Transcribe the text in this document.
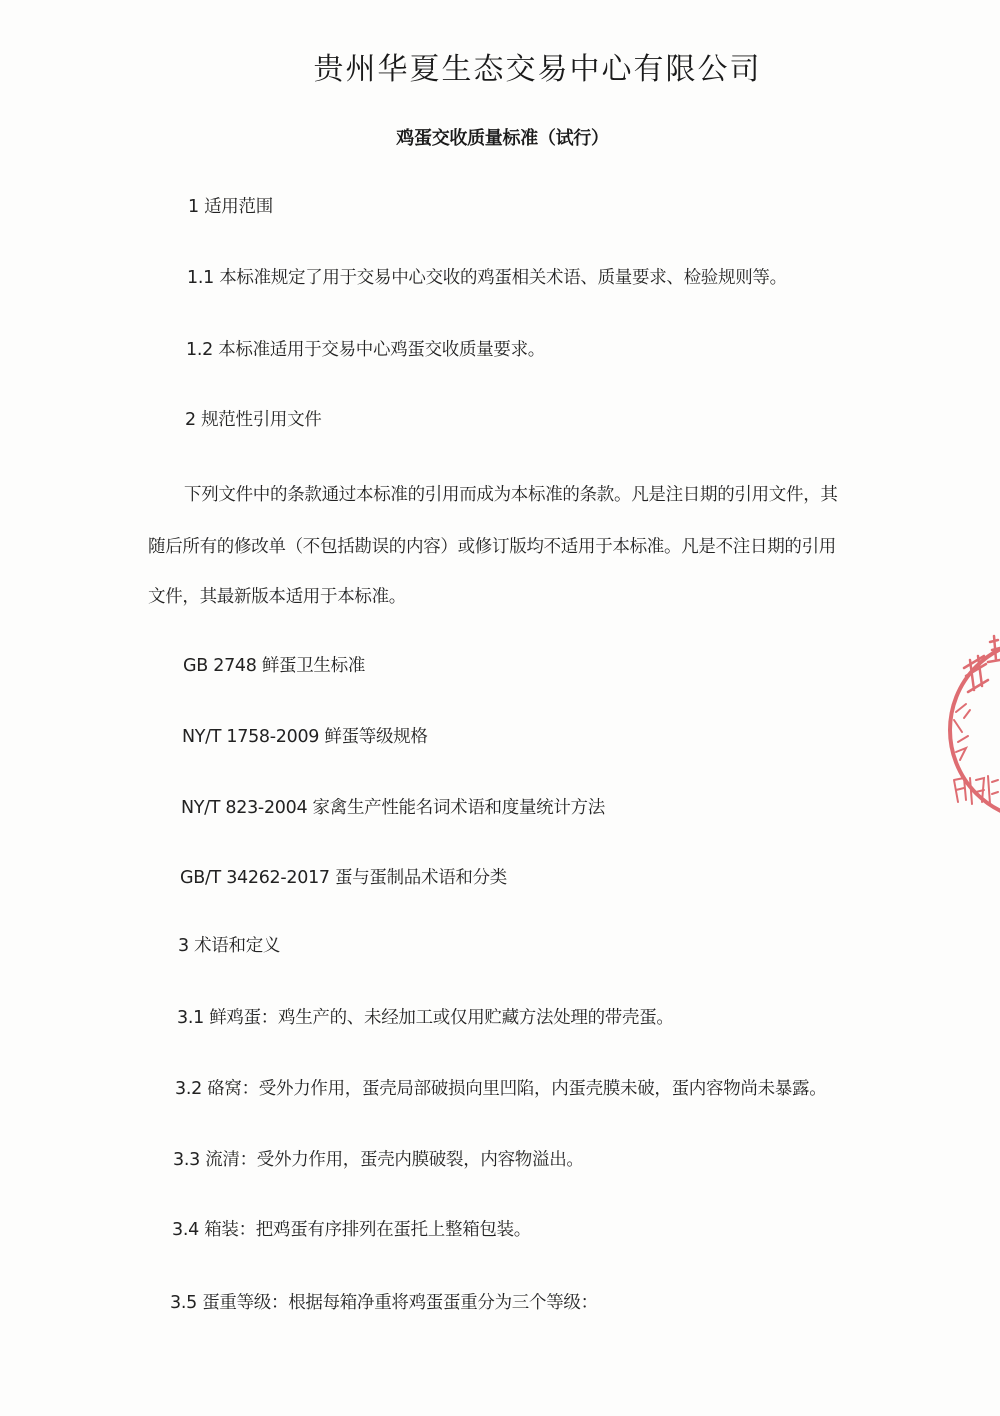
贵州华夏生态交易中心有限公司
鸡蛋交收质量标准（试行）
1 适用范围
1.1 本标准规定了用于交易中心交收的鸡蛋相关术语、质量要求、检验规则等。
1.2 本标准适用于交易中心鸡蛋交收质量要求。
2 规范性引用文件
下列文件中的条款通过本标准的引用而成为本标准的条款。凡是注日期的引用文件，其
随后所有的修改单（不包括勘误的内容）或修订版均不适用于本标准。凡是不注日期的引用
文件，其最新版本适用于本标准。
GB 2748 鲜蛋卫生标准
NY/T 1758-2009 鲜蛋等级规格
NY/T 823-2004 家禽生产性能名词术语和度量统计方法
GB/T 34262-2017 蛋与蛋制品术语和分类
3 术语和定义
3.1 鲜鸡蛋：鸡生产的、未经加工或仅用贮藏方法处理的带壳蛋。
3.2 硌窝：受外力作用，蛋壳局部破损向里凹陷，内蛋壳膜未破，蛋内容物尚未暴露。
3.3 流清：受外力作用，蛋壳内膜破裂，内容物溢出。
3.4 箱装：把鸡蛋有序排列在蛋托上整箱包装。
3.5 蛋重等级：根据每箱净重将鸡蛋蛋重分为三个等级：
